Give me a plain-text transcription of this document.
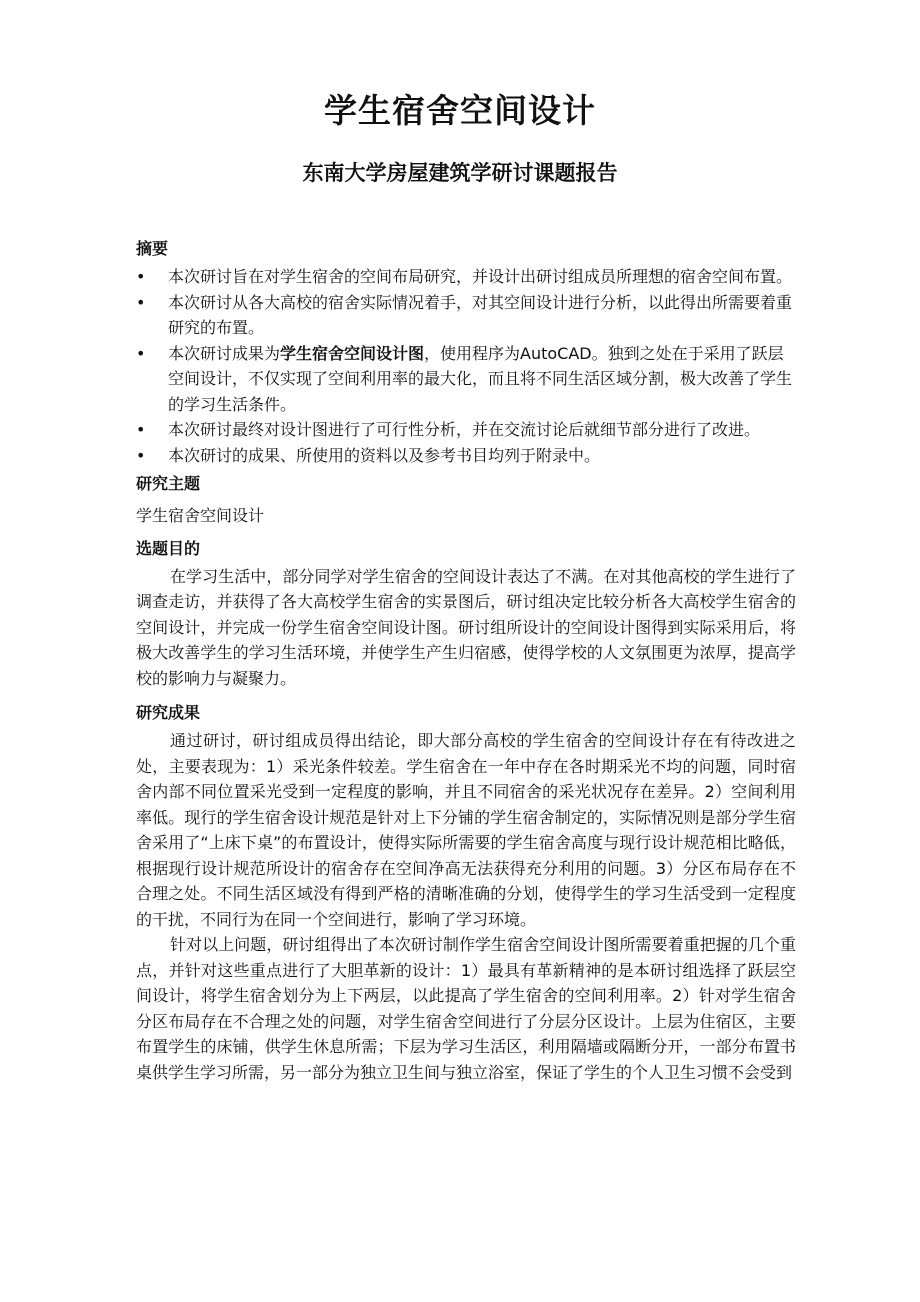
学生宿舍空间设计
东南大学房屋建筑学研讨课题报告
摘要
• 本次研讨旨在对学生宿舍的空间布局研究，并设计出研讨组成员所理想的宿舍空间布置。
• 本次研讨从各大高校的宿舍实际情况着手，对其空间设计进行分析，以此得出所需要着重研究的布置。
• 本次研讨成果为学生宿舍空间设计图，使用程序为AutoCAD。独到之处在于采用了跃层空间设计，不仅实现了空间利用率的最大化，而且将不同生活区域分割，极大改善了学生的学习生活条件。
• 本次研讨最终对设计图进行了可行性分析，并在交流讨论后就细节部分进行了改进。
• 本次研讨的成果、所使用的资料以及参考书目均列于附录中。
研究主题

学生宿舍空间设计

选题目的

在学习生活中，部分同学对学生宿舍的空间设计表达了不满。在对其他高校的学生进行了调查走访，并获得了各大高校学生宿舍的实景图后，研讨组决定比较分析各大高校学生宿舍的空间设计，并完成一份学生宿舍空间设计图。研讨组所设计的空间设计图得到实际采用后，将极大改善学生的学习生活环境，并使学生产生归宿感，使得学校的人文氛围更为浓厚，提高学校的影响力与凝聚力。

研究成果

通过研讨，研讨组成员得出结论，即大部分高校的学生宿舍的空间设计存在有待改进之处，主要表现为：1）采光条件较差。学生宿舍在一年中存在各时期采光不均的问题，同时宿舍内部不同位置采光受到一定程度的影响，并且不同宿舍的采光状况存在差异。2）空间利用率低。现行的学生宿舍设计规范是针对上下分铺的学生宿舍制定的，实际情况则是部分学生宿舍采用了“上床下桌”的布置设计，使得实际所需要的学生宿舍高度与现行设计规范相比略低，根据现行设计规范所设计的宿舍存在空间净高无法获得充分利用的问题。3）分区布局存在不合理之处。不同生活区域没有得到严格的清晰准确的分划，使得学生的学习生活受到一定程度的干扰，不同行为在同一个空间进行，影响了学习环境。

针对以上问题，研讨组得出了本次研讨制作学生宿舍空间设计图所需要着重把握的几个重点，并针对这些重点进行了大胆革新的设计：1）最具有革新精神的是本研讨组选择了跃层空间设计，将学生宿舍划分为上下两层，以此提高了学生宿舍的空间利用率。2）针对学生宿舍分区布局存在不合理之处的问题，对学生宿舍空间进行了分层分区设计。上层为住宿区，主要布置学生的床铺，供学生休息所需；下层为学习生活区，利用隔墙或隔断分开，一部分布置书桌供学生学习所需，另一部分为独立卫生间与独立浴室，保证了学生的个人卫生习惯不会受到
